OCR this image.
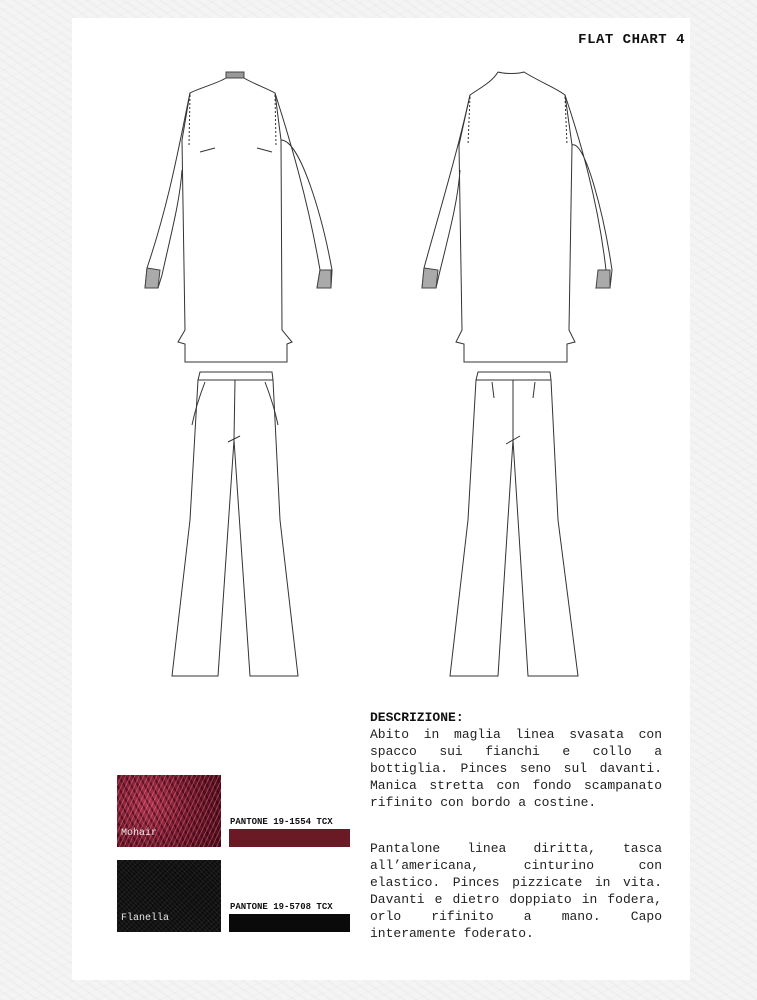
FLAT CHART 4
DESCRIZIONE:
Abito in maglia linea svasata con spacco sui fianchi e collo a bottiglia. Pinces seno sul davanti. Manica stretta con fondo scampanato rifinito con bordo a costine.
Pantalone linea diritta, tasca all’americana, cinturino con elastico. Pinces pizzicate in vita. Davanti e dietro doppiato in fodera, orlo rifinito a mano. Capo interamente foderato.
Mohair
PANTONE 19-1554 TCX
Flanella
PANTONE 19-5708 TCX
